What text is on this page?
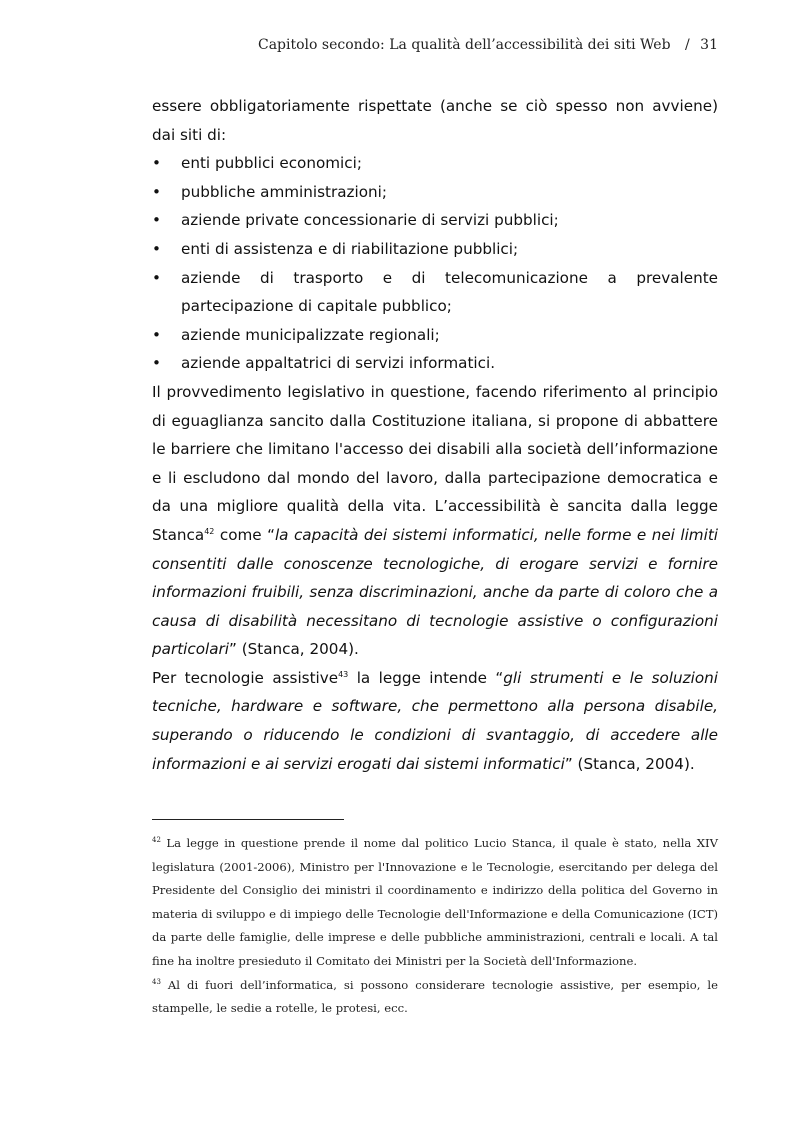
Capitolo secondo: La qualità dell’accessibilità dei siti Web / 31

essere obbligatoriamente rispettate (anche se ciò spesso non avviene) dai siti di:

• enti pubblici economici;
• pubbliche amministrazioni;
• aziende private concessionarie di servizi pubblici;
• enti di assistenza e di riabilitazione pubblici;
• aziende di trasporto e di telecomunicazione a prevalente partecipazione di capitale pubblico;
• aziende municipalizzate regionali;
• aziende appaltatrici di servizi informatici.

Il provvedimento legislativo in questione, facendo riferimento al principio di eguaglianza sancito dalla Costituzione italiana, si propone di abbattere le barriere che limitano l'accesso dei disabili alla società dell’informazione e li escludono dal mondo del lavoro, dalla partecipazione democratica e da una migliore qualità della vita. L’accessibilità è sancita dalla legge Stanca$^{42}$ come “la capacità dei sistemi informatici, nelle forme e nei limiti consentiti dalle conoscenze tecnologiche, di erogare servizi e fornire informazioni fruibili, senza discriminazioni, anche da parte di coloro che a causa di disabilità necessitano di tecnologie assistive o configurazioni particolari” (Stanca, 2004).

Per tecnologie assistive$^{43}$ la legge intende “gli strumenti e le soluzioni tecniche, hardware e software, che permettono alla persona disabile, superando o riducendo le condizioni di svantaggio, di accedere alle informazioni e ai servizi erogati dai sistemi informatici” (Stanca, 2004).

$^{42}$ La legge in questione prende il nome dal politico Lucio Stanca, il quale è stato, nella XIV legislatura (2001-2006), Ministro per l'Innovazione e le Tecnologie, esercitando per delega del Presidente del Consiglio dei ministri il coordinamento e indirizzo della politica del Governo in materia di sviluppo e di impiego delle Tecnologie dell'Informazione e della Comunicazione (ICT) da parte delle famiglie, delle imprese e delle pubbliche amministrazioni, centrali e locali. A tal fine ha inoltre presieduto il Comitato dei Ministri per la Società dell'Informazione.

$^{43}$ Al di fuori dell’informatica, si possono considerare tecnologie assistive, per esempio, le stampelle, le sedie a rotelle, le protesi, ecc.
